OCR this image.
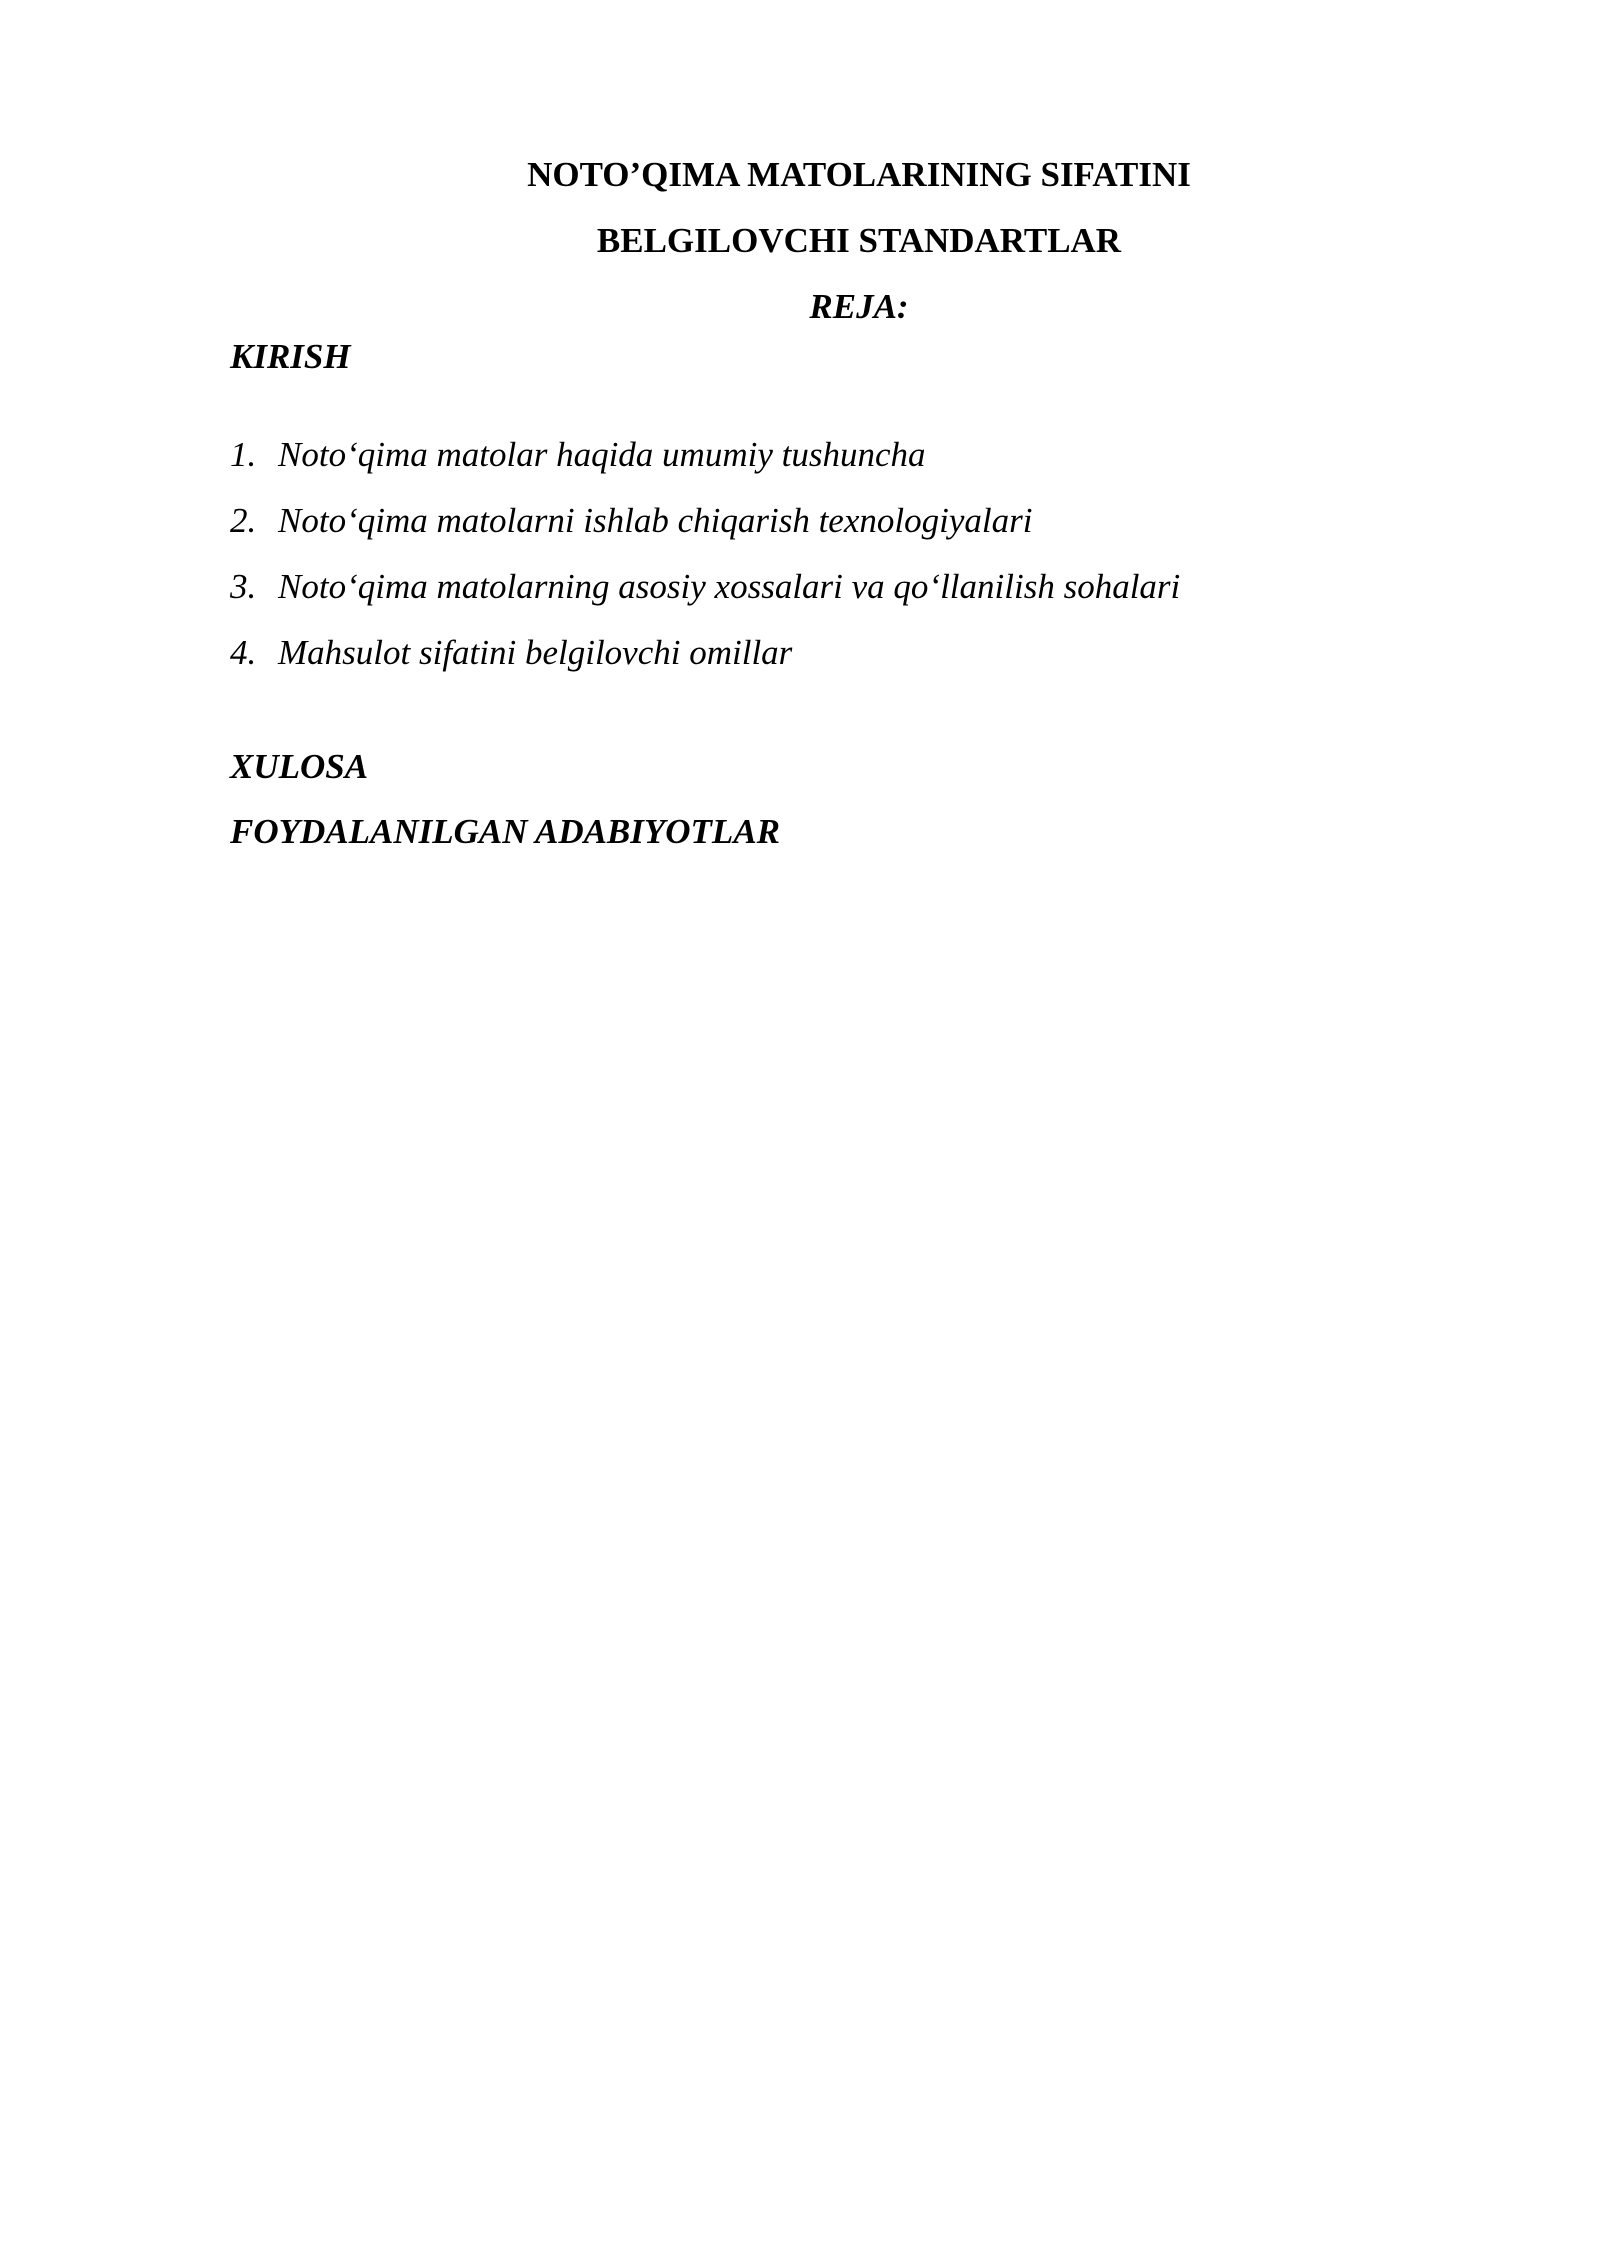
NOTO’QIMA MATOLARINING SIFATINI
BELGILOVCHI STANDARTLAR
REJA:
KIRISH
1. Noto‘qima matolar haqida umumiy tushuncha
2. Noto‘qima matolarni ishlab chiqarish texnologiyalari
3. Noto‘qima matolarning asosiy xossalari va qo‘llanilish sohalari
4. Mahsulot sifatini belgilovchi omillar
XULOSA
FOYDALANILGAN ADABIYOTLAR
